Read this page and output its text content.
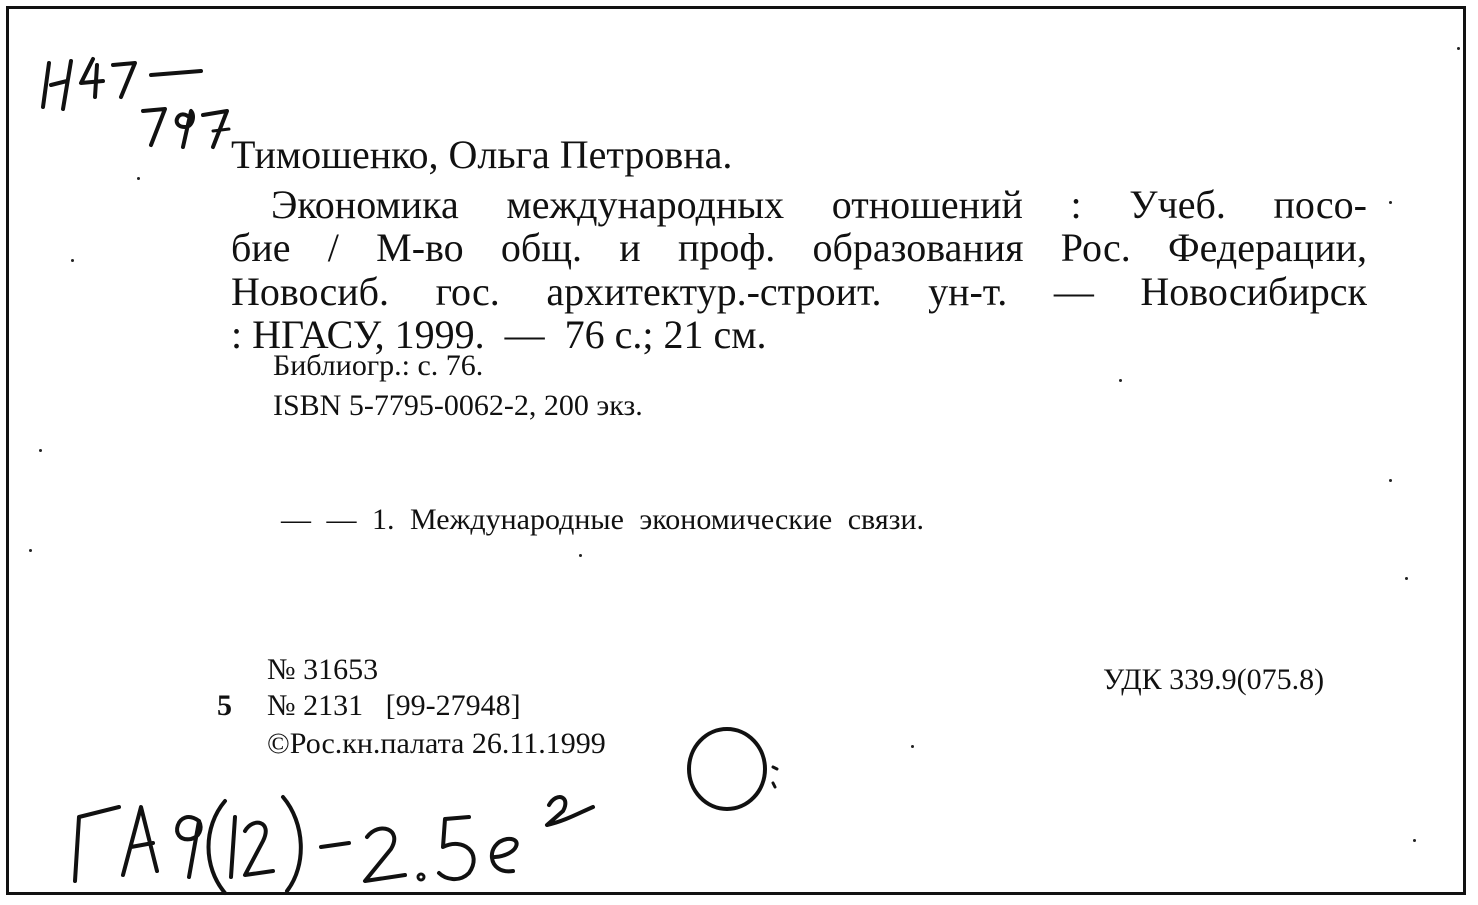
Тимошенко, Ольга Петровна.
Экономика международных отношений : Учеб. посо-
бие / М-во общ. и проф. образования Рос. Федерации,
Новосиб. гос. архитектур.-строит. ун-т. — Новосибирск
: НГАСУ, 1999.  —  76 с.; 21 см.
Библиогр.: с. 76.
ISBN 5-7795-0062-2, 200 экз.
— — 1. Международные экономические связи.
№ 31653
5 № 2131   [99-27948]
©Рос.кн.палата 26.11.1999
УДК 339.9(075.8)
